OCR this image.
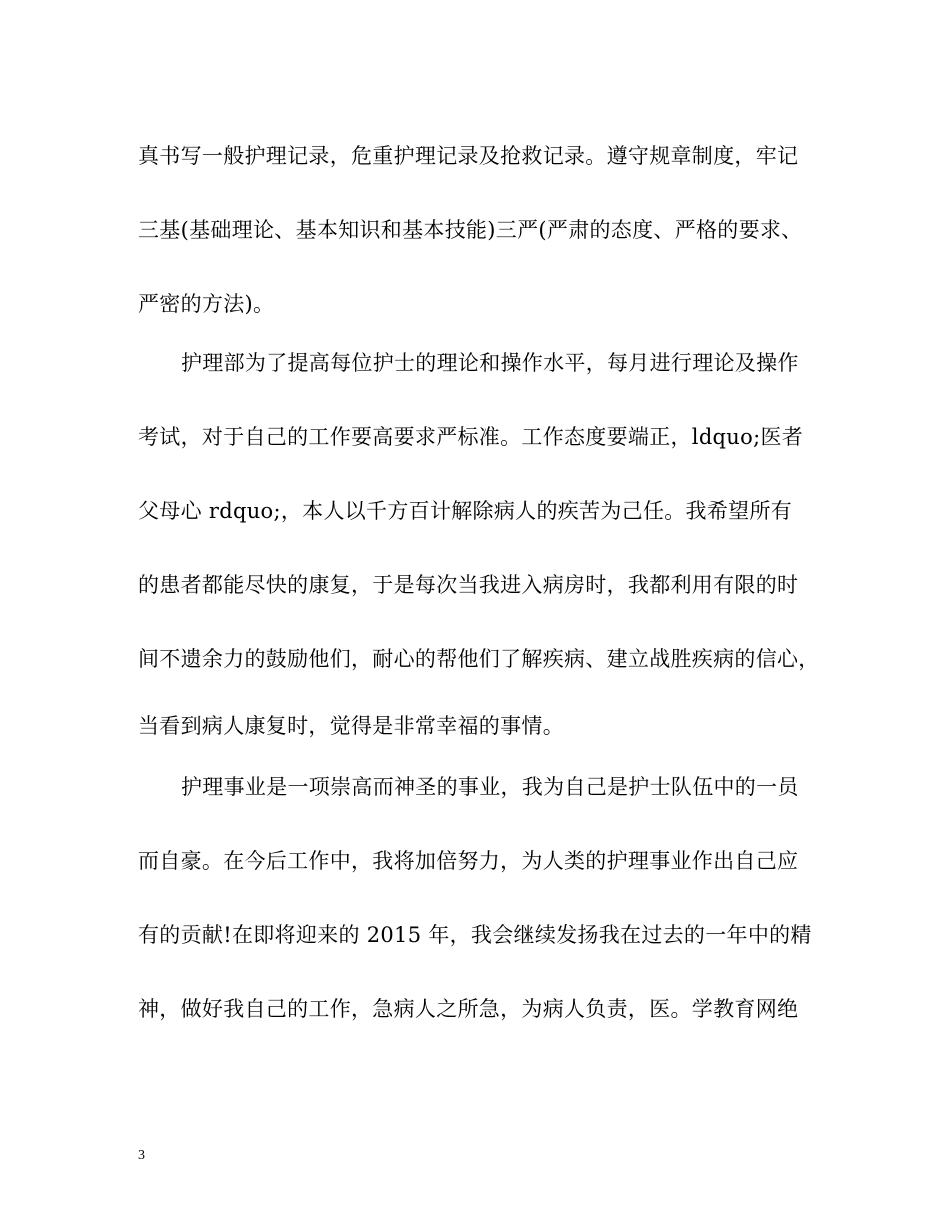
真书写一般护理记录，危重护理记录及抢救记录。遵守规章制度，牢记
三基(基础理论、基本知识和基本技能)三严(严肃的态度、严格的要求、
严密的方法)。
护理部为了提高每位护士的理论和操作水平，每月进行理论及操作
考试，对于自己的工作要高要求严标准。工作态度要端正，ldquo;医者
父母心 rdquo;，本人以千方百计解除病人的疾苦为己任。我希望所有
的患者都能尽快的康复，于是每次当我进入病房时，我都利用有限的时
间不遗余力的鼓励他们，耐心的帮他们了解疾病、建立战胜疾病的信心，
当看到病人康复时，觉得是非常幸福的事情。
护理事业是一项崇高而神圣的事业，我为自己是护士队伍中的一员
而自豪。在今后工作中，我将加倍努力，为人类的护理事业作出自己应
有的贡献!在即将迎来的 2015 年，我会继续发扬我在过去的一年中的精
神，做好我自己的工作，急病人之所急，为病人负责，医。学教育网绝
3
